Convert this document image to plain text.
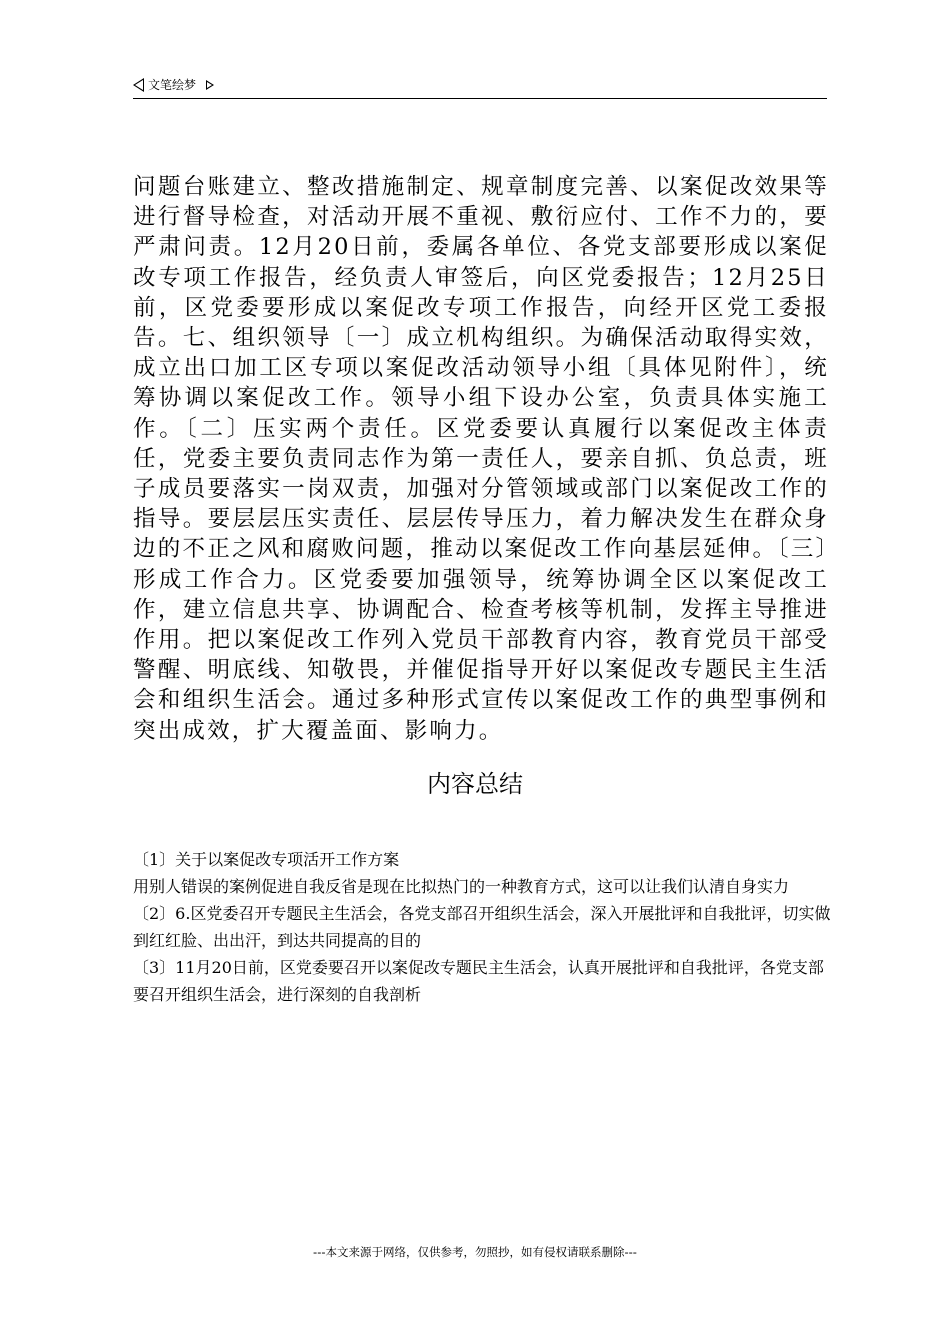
文笔绘梦

问题台账建立、整改措施制定、规章制度完善、以案促改效果等进行督导检查，对活动开展不重视、敷衍应付、工作不力的，要严肃问责。12月20日前，委属各单位、各党支部要形成以案促改专项工作报告，经负责人审签后，向区党委报告；12月25日前，区党委要形成以案促改专项工作报告，向经开区党工委报告。七、组织领导〔一〕成立机构组织。为确保活动取得实效，成立出口加工区专项以案促改活动领导小组〔具体见附件〕，统筹协调以案促改工作。领导小组下设办公室，负责具体实施工作。〔二〕压实两个责任。区党委要认真履行以案促改主体责任，党委主要负责同志作为第一责任人，要亲自抓、负总责，班子成员要落实一岗双责，加强对分管领域或部门以案促改工作的指导。要层层压实责任、层层传导压力，着力解决发生在群众身边的不正之风和腐败问题，推动以案促改工作向基层延伸。〔三〕形成工作合力。区党委要加强领导，统筹协调全区以案促改工作，建立信息共享、协调配合、检查考核等机制，发挥主导推进作用。把以案促改工作列入党员干部教育内容，教育党员干部受警醒、明底线、知敬畏，并催促指导开好以案促改专题民主生活会和组织生活会。通过多种形式宣传以案促改工作的典型事例和突出成效，扩大覆盖面、影响力。

内容总结

〔1〕关于以案促改专项活开工作方案

用别人错误的案例促进自我反省是现在比拟热门的一种教育方式，这可以让我们认清自身实力

〔2〕6.区党委召开专题民主生活会，各党支部召开组织生活会，深入开展批评和自我批评，切实做到红红脸、出出汗，到达共同提高的目的

〔3〕11月20日前，区党委要召开以案促改专题民主生活会，认真开展批评和自我批评，各党支部要召开组织生活会，进行深刻的自我剖析

---本文来源于网络，仅供参考，勿照抄，如有侵权请联系删除---
